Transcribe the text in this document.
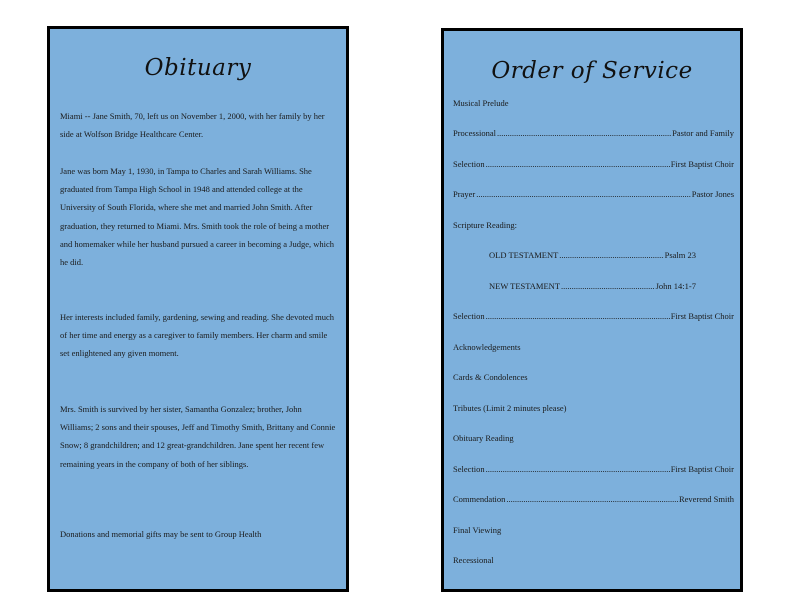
Obituary

Miami -- Jane Smith, 70, left us on November 1, 2000, with her family by her side at Wolfson Bridge Healthcare Center.

Jane was born May 1, 1930, in Tampa to Charles and Sarah Williams. She graduated from Tampa High School in 1948 and attended college at the University of South Florida, where she met and married John Smith. After graduation, they returned to Miami. Mrs. Smith took the role of being a mother and homemaker while her husband pursued a career in becoming a Judge, which he did.

Her interests included family, gardening, sewing and reading. She devoted much of her time and energy as a caregiver to family members. Her charm and smile set enlightened any given moment.

Mrs. Smith is survived by her sister, Samantha Gonzalez; brother, John Williams; 2 sons and their spouses, Jeff and Timothy Smith, Brittany and Connie Snow; 8 grandchildren; and 12 great-grandchildren. Jane spent her recent few remaining years in the company of both of her siblings.

Donations and memorial gifts may be sent to Group Health

Order of Service
Musical Prelude
Processional .....	Pastor and Family
Selection .....	First Baptist Choir
Prayer .....	Pastor Jones
Scripture Reading:
OLD TESTAMENT .....	Psalm 23
NEW TESTAMENT .....	John 14:1-7
Selection .....	First Baptist Choir
Acknowledgements
Cards & Condolences
Tributes (Limit 2 minutes please)
Obituary Reading
Selection .....	First Baptist Choir
Commendation .....	Reverend Smith
Final Viewing
Recessional
